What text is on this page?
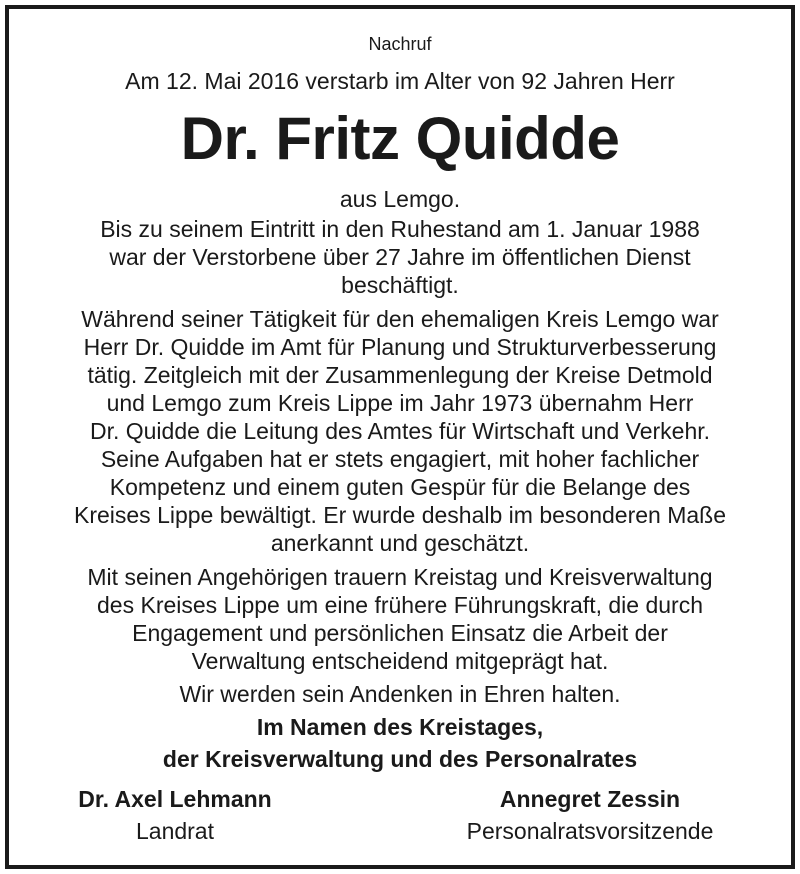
Nachruf
Am 12. Mai 2016 verstarb im Alter von 92 Jahren Herr
Dr. Fritz Quidde
aus Lemgo.
Bis zu seinem Eintritt in den Ruhestand am 1. Januar 1988
war der Verstorbene über 27 Jahre im öffentlichen Dienst
beschäftigt.
Während seiner Tätigkeit für den ehemaligen Kreis Lemgo war
Herr Dr. Quidde im Amt für Planung und Strukturverbesserung
tätig. Zeitgleich mit der Zusammenlegung der Kreise Detmold
und Lemgo zum Kreis Lippe im Jahr 1973 übernahm Herr
Dr. Quidde die Leitung des Amtes für Wirtschaft und Verkehr.
Seine Aufgaben hat er stets engagiert, mit hoher fachlicher
Kompetenz und einem guten Gespür für die Belange des
Kreises Lippe bewältigt. Er wurde deshalb im besonderen Maße
anerkannt und geschätzt.
Mit seinen Angehörigen trauern Kreistag und Kreisverwaltung
des Kreises Lippe um eine frühere Führungskraft, die durch
Engagement und persönlichen Einsatz die Arbeit der
Verwaltung entscheidend mitgeprägt hat.
Wir werden sein Andenken in Ehren halten.
Im Namen des Kreistages,
der Kreisverwaltung und des Personalrates
Dr. Axel Lehmann
Landrat
Annegret Zessin
Personalratsvorsitzende
